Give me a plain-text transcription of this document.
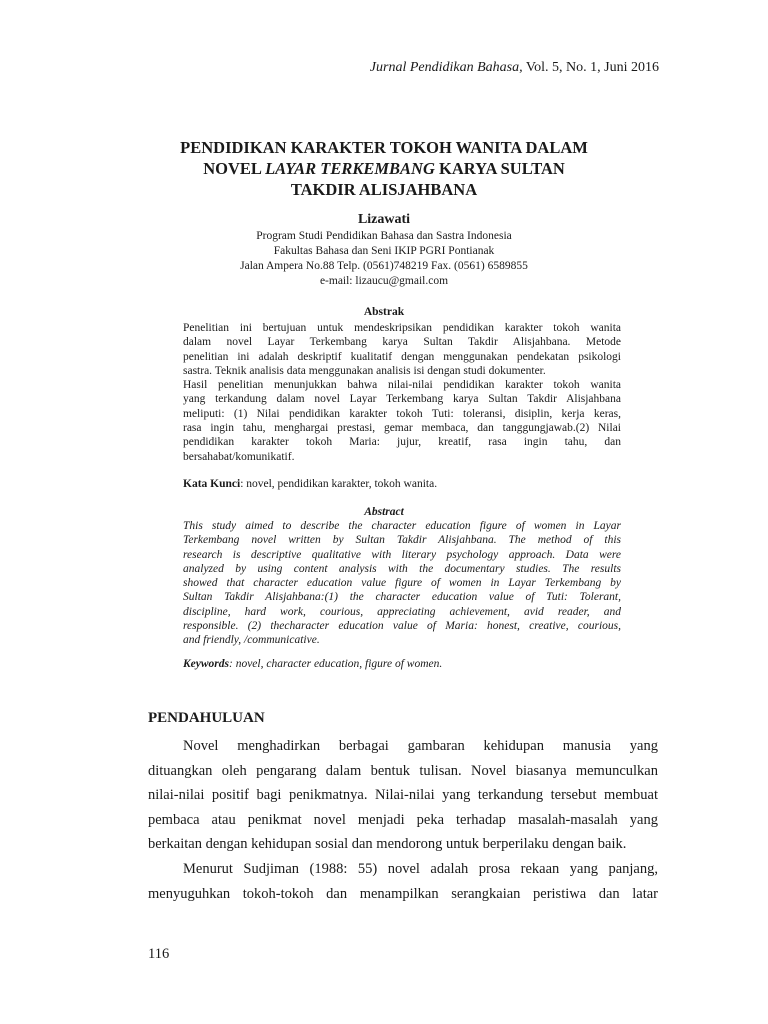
Jurnal Pendidikan Bahasa, Vol. 5, No. 1, Juni 2016
PENDIDIKAN KARAKTER TOKOH WANITA DALAM
NOVEL LAYAR TERKEMBANG KARYA SULTAN
TAKDIR ALISJAHBANA
Lizawati
Program Studi Pendidikan Bahasa dan Sastra Indonesia
Fakultas Bahasa dan Seni IKIP PGRI Pontianak
Jalan Ampera No.88 Telp. (0561)748219 Fax. (0561) 6589855
e-mail: lizaucu@gmail.com
Abstrak
Penelitian ini bertujuan untuk mendeskripsikan pendidikan karakter tokoh wanita
dalam novel Layar Terkembang karya Sultan Takdir Alisjahbana. Metode
penelitian ini adalah deskriptif kualitatif dengan menggunakan pendekatan psikologi
sastra. Teknik analisis data menggunakan analisis isi dengan studi dokumenter.
Hasil penelitian menunjukkan bahwa nilai-nilai pendidikan karakter tokoh wanita
yang terkandung dalam novel Layar Terkembang karya Sultan Takdir Alisjahbana
meliputi: (1) Nilai pendidikan karakter tokoh Tuti: toleransi, disiplin, kerja keras,
rasa ingin tahu, menghargai prestasi, gemar membaca, dan tanggungjawab.(2) Nilai
pendidikan karakter tokoh Maria: jujur, kreatif, rasa ingin tahu, dan
bersahabat/komunikatif.
Kata Kunci: novel, pendidikan karakter, tokoh wanita.
Abstract
This study aimed to describe the character education figure of women in Layar
Terkembang novel written by Sultan Takdir Alisjahbana. The method of this
research is descriptive qualitative with literary psychology approach. Data were
analyzed by using content analysis with the documentary studies. The results
showed that character education value figure of women in Layar Terkembang by
Sultan Takdir Alisjahbana:(1) the character education value of Tuti: Tolerant,
discipline, hard work, courious, appreciating achievement, avid reader, and
responsible. (2) thecharacter education value of Maria: honest, creative, courious,
and friendly, /communicative.
Keywords: novel, character education, figure of women.
PENDAHULUAN
Novel menghadirkan berbagai gambaran kehidupan manusia yang
dituangkan oleh pengarang dalam bentuk tulisan. Novel biasanya memunculkan
nilai-nilai positif bagi penikmatnya. Nilai-nilai yang terkandung tersebut membuat
pembaca atau penikmat novel menjadi peka terhadap masalah-masalah yang
berkaitan dengan kehidupan sosial dan mendorong untuk berperilaku dengan baik.
Menurut Sudjiman (1988: 55) novel adalah prosa rekaan yang panjang,
menyuguhkan tokoh-tokoh dan menampilkan serangkaian peristiwa dan latar
116
